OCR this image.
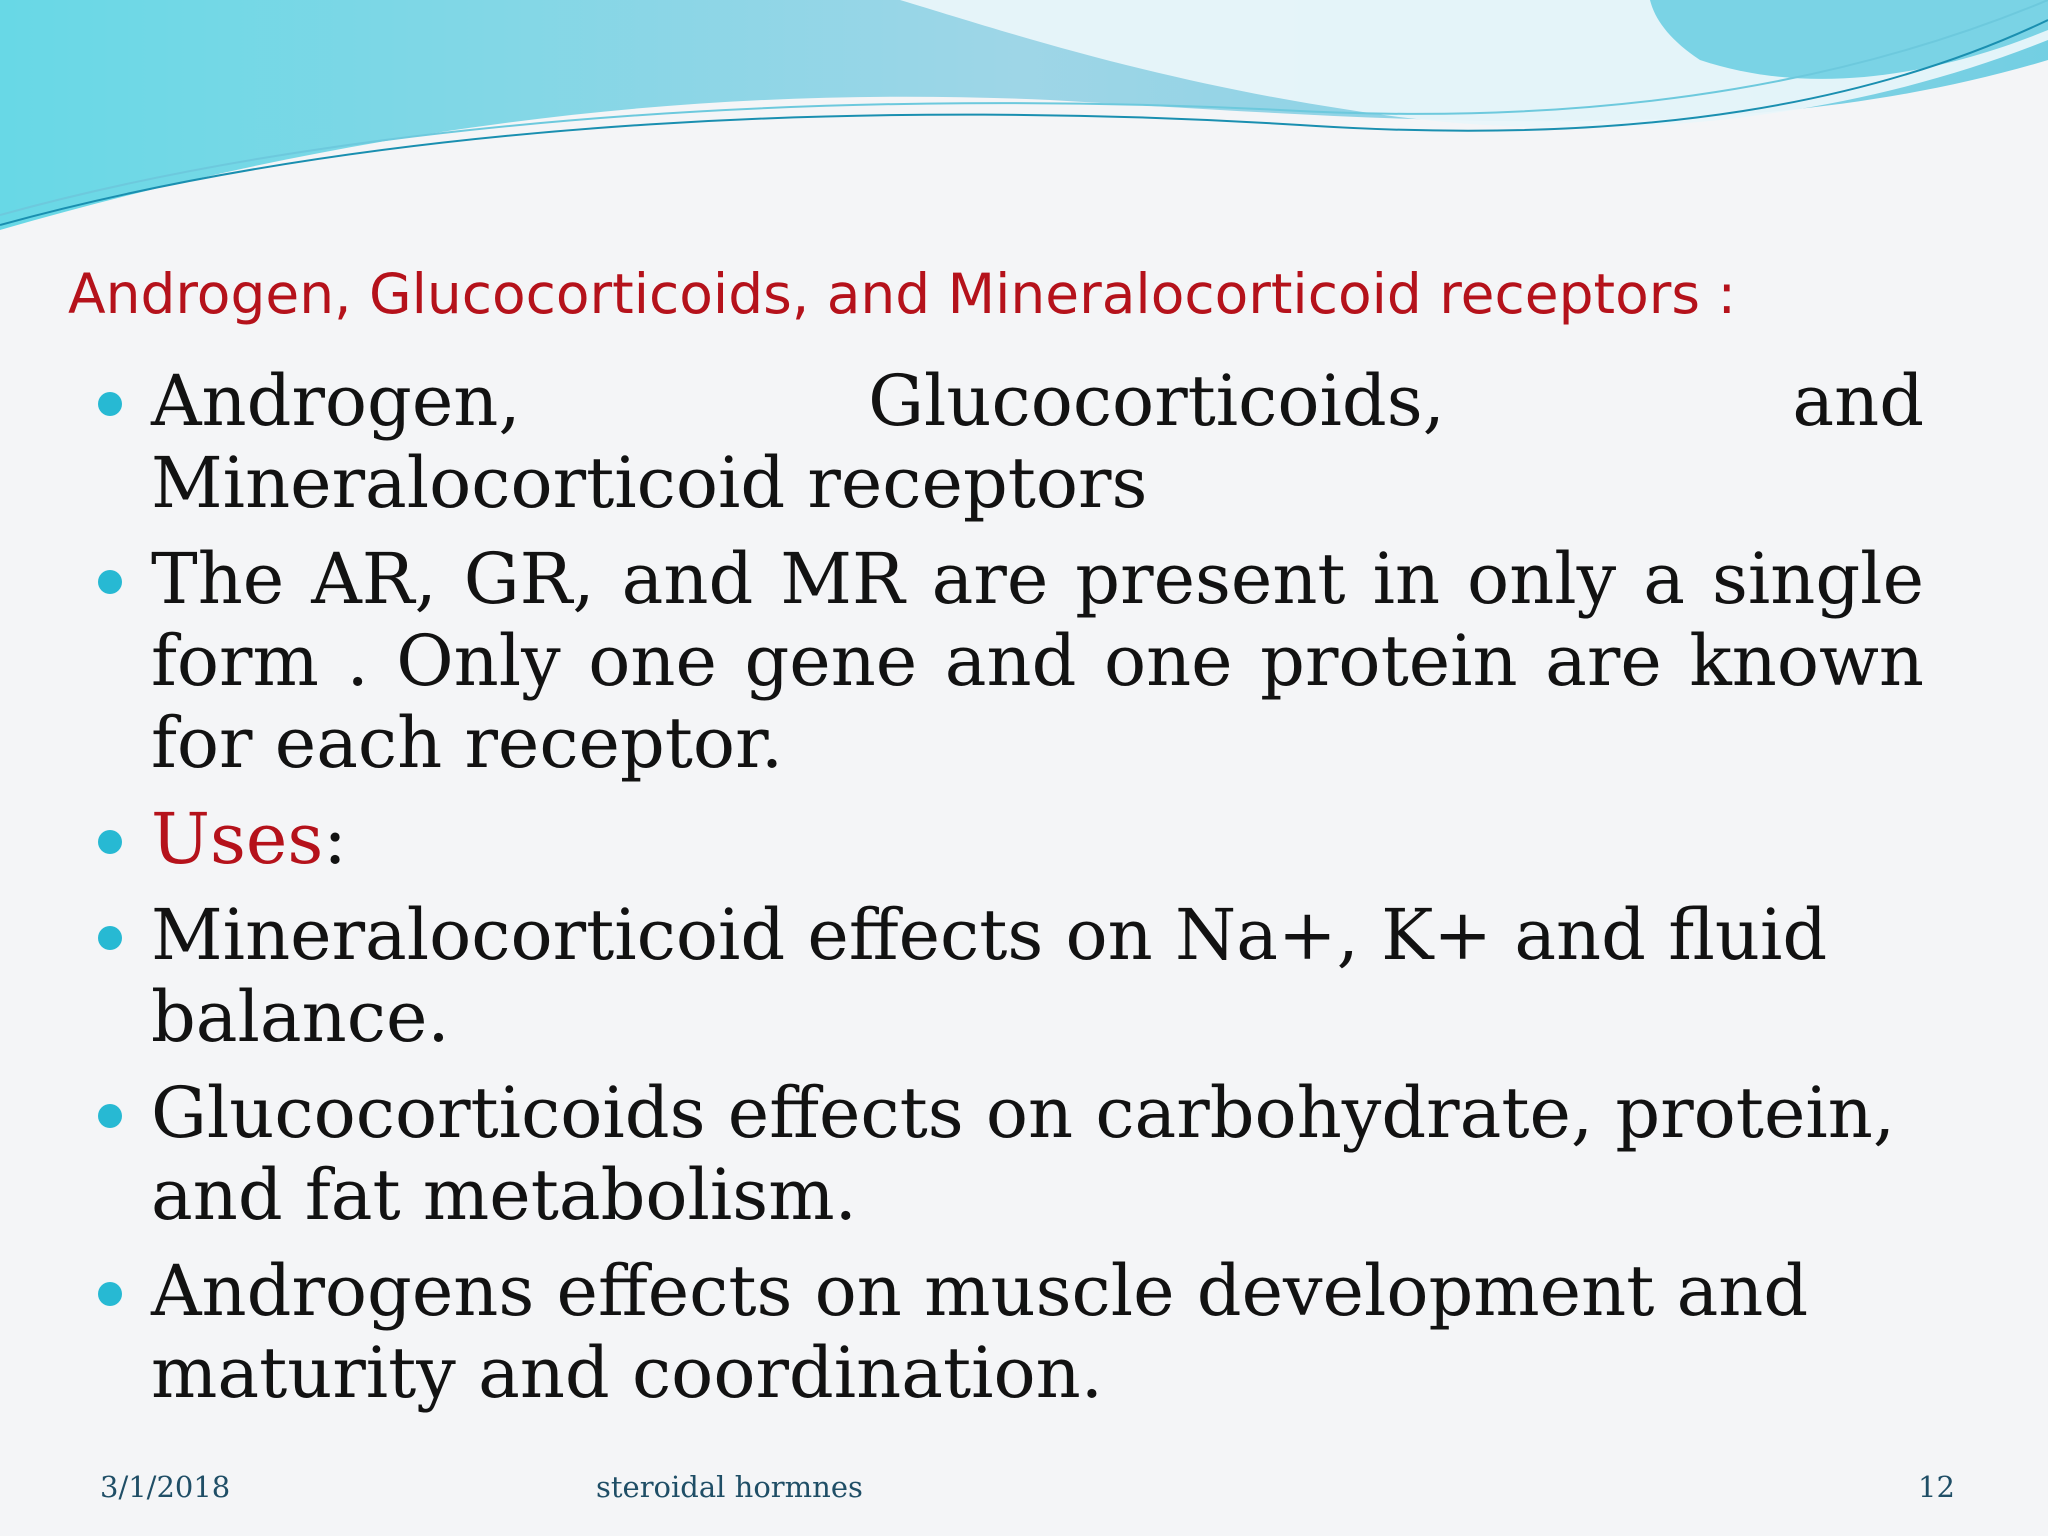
Androgen, Glucocorticoids, and Mineralocorticoid receptors :
Androgen, Glucocorticoids, and Mineralocorticoid receptors
The AR, GR, and MR are present in only a single form . Only one gene and one protein are known for each receptor.
Uses:
Mineralocorticoid effects on Na+, K+ and fluid balance.
Glucocorticoids effects on carbohydrate, protein, and fat metabolism.
Androgens effects on muscle development and maturity and coordination.
3/1/2018	steroidal hormnes	12
